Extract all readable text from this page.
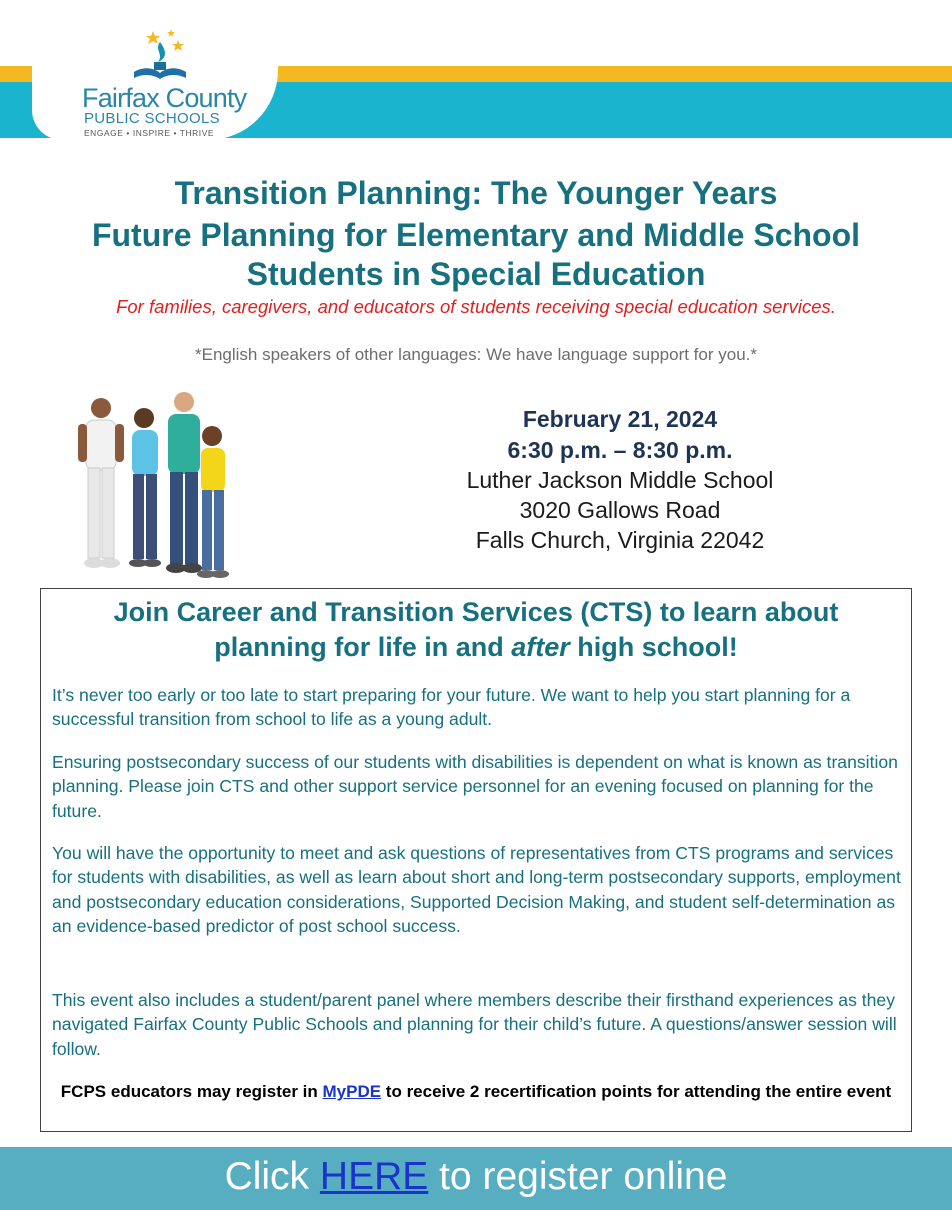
Fairfax County
PUBLIC SCHOOLS
ENGAGE • INSPIRE • THRIVE
Transition Planning: The Younger Years
Future Planning for Elementary and Middle School
Students in Special Education
For families, caregivers, and educators of students receiving special education services.
*English speakers of other languages: We have language support for you.*
February 21, 2024
6:30 p.m. – 8:30 p.m.
Luther Jackson Middle School
3020 Gallows Road
Falls Church, Virginia 22042
Join Career and Transition Services (CTS) to learn about
planning for life in and after high school!
It’s never too early or too late to start preparing for your future. We want to help you start planning for a successful transition from school to life as a young adult.
Ensuring postsecondary success of our students with disabilities is dependent on what is known as transition planning. Please join CTS and other support service personnel for an evening focused on planning for the future.
You will have the opportunity to meet and ask questions of representatives from CTS programs and services for students with disabilities, as well as learn about short and long-term postsecondary supports, employment and postsecondary education considerations, Supported Decision Making, and student self-determination as an evidence-based predictor of post school success.
This event also includes a student/parent panel where members describe their firsthand experiences as they navigated Fairfax County Public Schools and planning for their child’s future. A questions/answer session will follow.
FCPS educators may register in MyPDE to receive 2 recertification points for attending the entire event
Click HERE to register online
